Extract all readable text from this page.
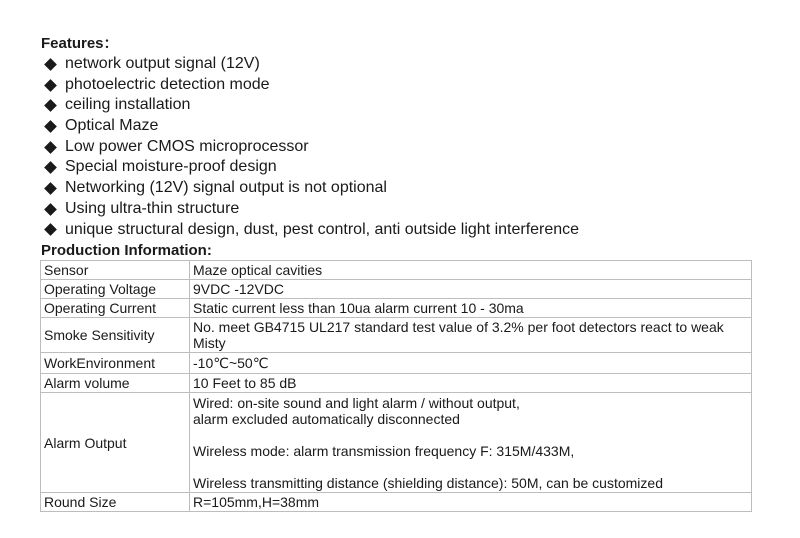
Features：
network output signal (12V)
photoelectric detection mode
ceiling installation
Optical Maze
Low power CMOS microprocessor
Special moisture-proof design
Networking (12V) signal output is not optional
Using ultra-thin structure
unique structural design, dust, pest control, anti outside light interference
Production Information:
Sensor	Maze optical cavities
Operating Voltage	9VDC -12VDC
Operating Current	Static current less than 10ua alarm current 10 - 30ma
Smoke Sensitivity	No. meet GB4715 UL217 standard test value of 3.2% per foot detectors react to weak Misty
WorkEnvironment	-10℃~50℃
Alarm volume	10 Feet to 85 dB
Alarm Output	Wired: on-site sound and light alarm / without output,
alarm excluded automatically disconnected
Wireless mode: alarm transmission frequency F: 315M/433M,
Wireless transmitting distance (shielding distance): 50M, can be customized

Round Size	R=105mm,H=38mm
